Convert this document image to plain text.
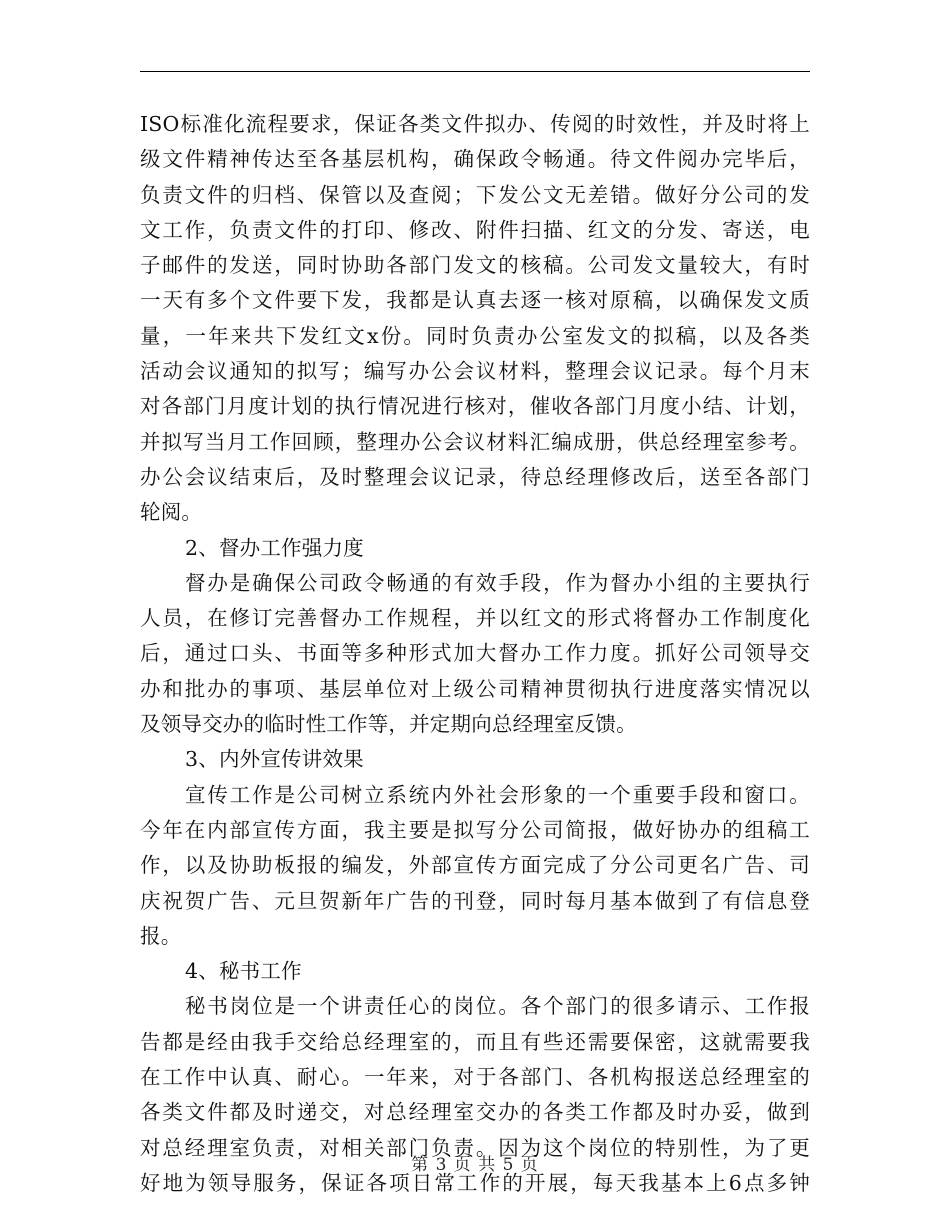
ISO标准化流程要求，保证各类文件拟办、传阅的时效性，并及时将上
级文件精神传达至各基层机构，确保政令畅通。待文件阅办完毕后，
负责文件的归档、保管以及查阅；下发公文无差错。做好分公司的发
文工作，负责文件的打印、修改、附件扫描、红文的分发、寄送，电
子邮件的发送，同时协助各部门发文的核稿。公司发文量较大，有时
一天有多个文件要下发，我都是认真去逐一核对原稿，以确保发文质
量，一年来共下发红文x份。同时负责办公室发文的拟稿，以及各类
活动会议通知的拟写；编写办公会议材料，整理会议记录。每个月末
对各部门月度计划的执行情况进行核对，催收各部门月度小结、计划，
并拟写当月工作回顾，整理办公会议材料汇编成册，供总经理室参考。
办公会议结束后，及时整理会议记录，待总经理修改后，送至各部门
轮阅。
2、督办工作强力度
督办是确保公司政令畅通的有效手段，作为督办小组的主要执行
人员，在修订完善督办工作规程，并以红文的形式将督办工作制度化
后，通过口头、书面等多种形式加大督办工作力度。抓好公司领导交
办和批办的事项、基层单位对上级公司精神贯彻执行进度落实情况以
及领导交办的临时性工作等，并定期向总经理室反馈。
3、内外宣传讲效果
宣传工作是公司树立系统内外社会形象的一个重要手段和窗口。
今年在内部宣传方面，我主要是拟写分公司简报，做好协办的组稿工
作，以及协助板报的编发，外部宣传方面完成了分公司更名广告、司
庆祝贺广告、元旦贺新年广告的刊登，同时每月基本做到了有信息登
报。
4、秘书工作
秘书岗位是一个讲责任心的岗位。各个部门的很多请示、工作报
告都是经由我手交给总经理室的，而且有些还需要保密，这就需要我
在工作中认真、耐心。一年来，对于各部门、各机构报送总经理室的
各类文件都及时递交，对总经理室交办的各类工作都及时办妥，做到
对总经理室负责，对相关部门负责。因为这个岗位的特别性，为了更
好地为领导服务，保证各项日常工作的开展，每天我基本上6点多钟
第 3 页 共 5 页
